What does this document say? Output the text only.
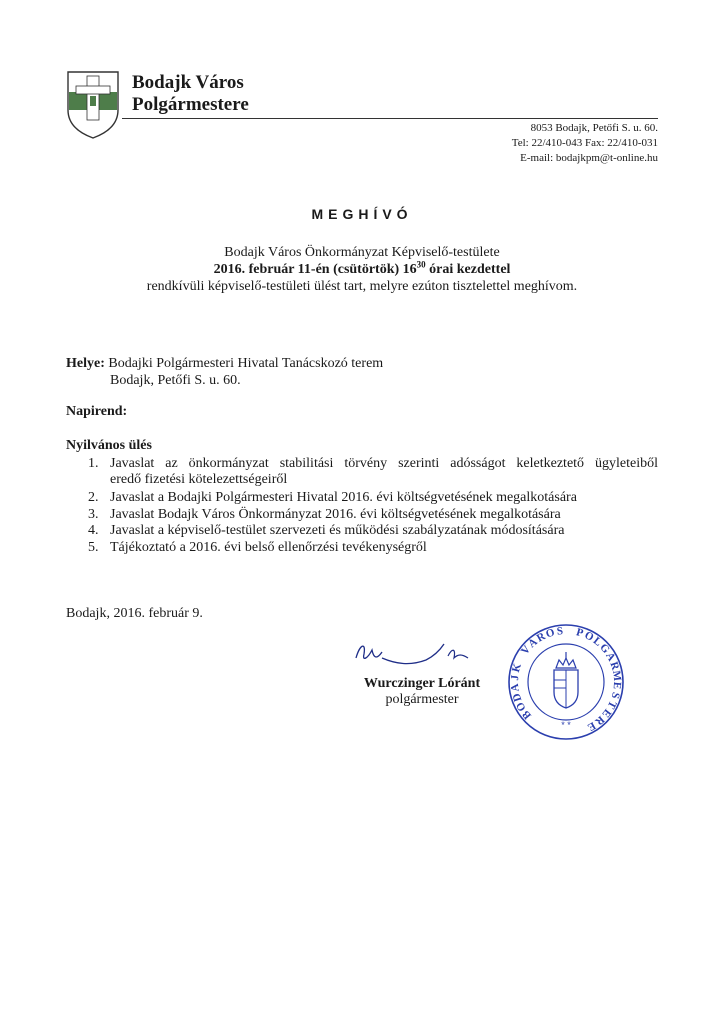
Bodajk Város
Polgármestere
8053 Bodajk, Petőfi S. u. 60.
Tel: 22/410-043 Fax: 22/410-031
E-mail: bodajkpm@t-online.hu
MEGHÍVÓ
Bodajk Város Önkormányzat Képviselő-testülete
2016. február 11-én (csütörtök) $16^{30}$ órai kezdettel
rendkívüli képviselő-testületi ülést tart, melyre ezúton tisztelettel meghívom.
Helye: Bodajki Polgármesteri Hivatal Tanácskozó terem
Bodajk, Petőfi S. u. 60.
Napirend:
Nyilvános ülés
1. Javaslat az önkormányzat stabilitási törvény szerinti adósságot keletkeztető ügyleteiből
eredő fizetési kötelezettségeiről
2. Javaslat a Bodajki Polgármesteri Hivatal 2016. évi költségvetésének megalkotására
3. Javaslat Bodajk Város Önkormányzat 2016. évi költségvetésének megalkotására
4. Javaslat a képviselő-testület szervezeti és működési szabályzatának módosítására
5. Tájékoztató a 2016. évi belső ellenőrzési tevékenységről
Bodajk, 2016. február 9.
Wurczinger Lóránt
polgármester
* *
B
O
D
A
J
K
V
Á
R
O S	P
O
L
G
Á
R
M
E
S
T
E
R
E
